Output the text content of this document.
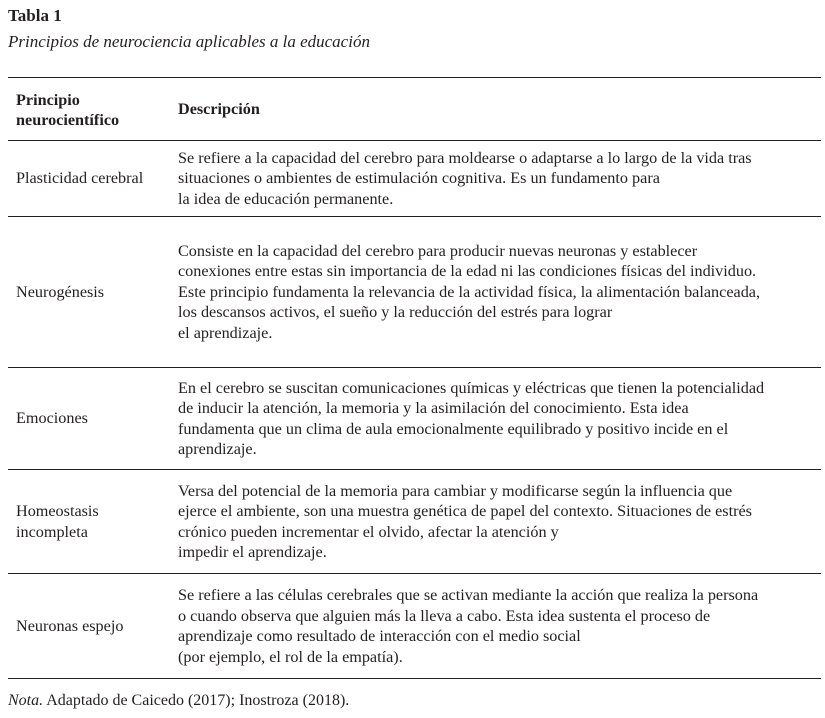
Tabla 1
Principios de neurociencia aplicables a la educación
Principio
neurocientífico	Descripción

Plasticidad cerebral	Se refiere a la capacidad del cerebro para moldearse o adaptarse a lo largo de la vida tras
situaciones o ambientes de estimulación cognitiva. Es un fundamento para
la idea de educación permanente.

Neurogénesis	Consiste en la capacidad del cerebro para producir nuevas neuronas y establecer
conexiones entre estas sin importancia de la edad ni las condiciones físicas del individuo.
Este principio fundamenta la relevancia de la actividad física, la alimentación balanceada,
los descansos activos, el sueño y la reducción del estrés para lograr
el aprendizaje.

Emociones	En el cerebro se suscitan comunicaciones químicas y eléctricas que tienen la potencialidad
de inducir la atención, la memoria y la asimilación del conocimiento. Esta idea
fundamenta que un clima de aula emocionalmente equilibrado y positivo incide en el
aprendizaje.

Homeostasis
incompleta	Versa del potencial de la memoria para cambiar y modificarse según la influencia que
ejerce el ambiente, son una muestra genética de papel del contexto. Situaciones de estrés
crónico pueden incrementar el olvido, afectar la atención y
impedir el aprendizaje.

Neuronas espejo	Se refiere a las células cerebrales que se activan mediante la acción que realiza la persona
o cuando observa que alguien más la lleva a cabo. Esta idea sustenta el proceso de
aprendizaje como resultado de interacción con el medio social
(por ejemplo, el rol de la empatía).
Nota. Adaptado de Caicedo (2017); Inostroza (2018).
